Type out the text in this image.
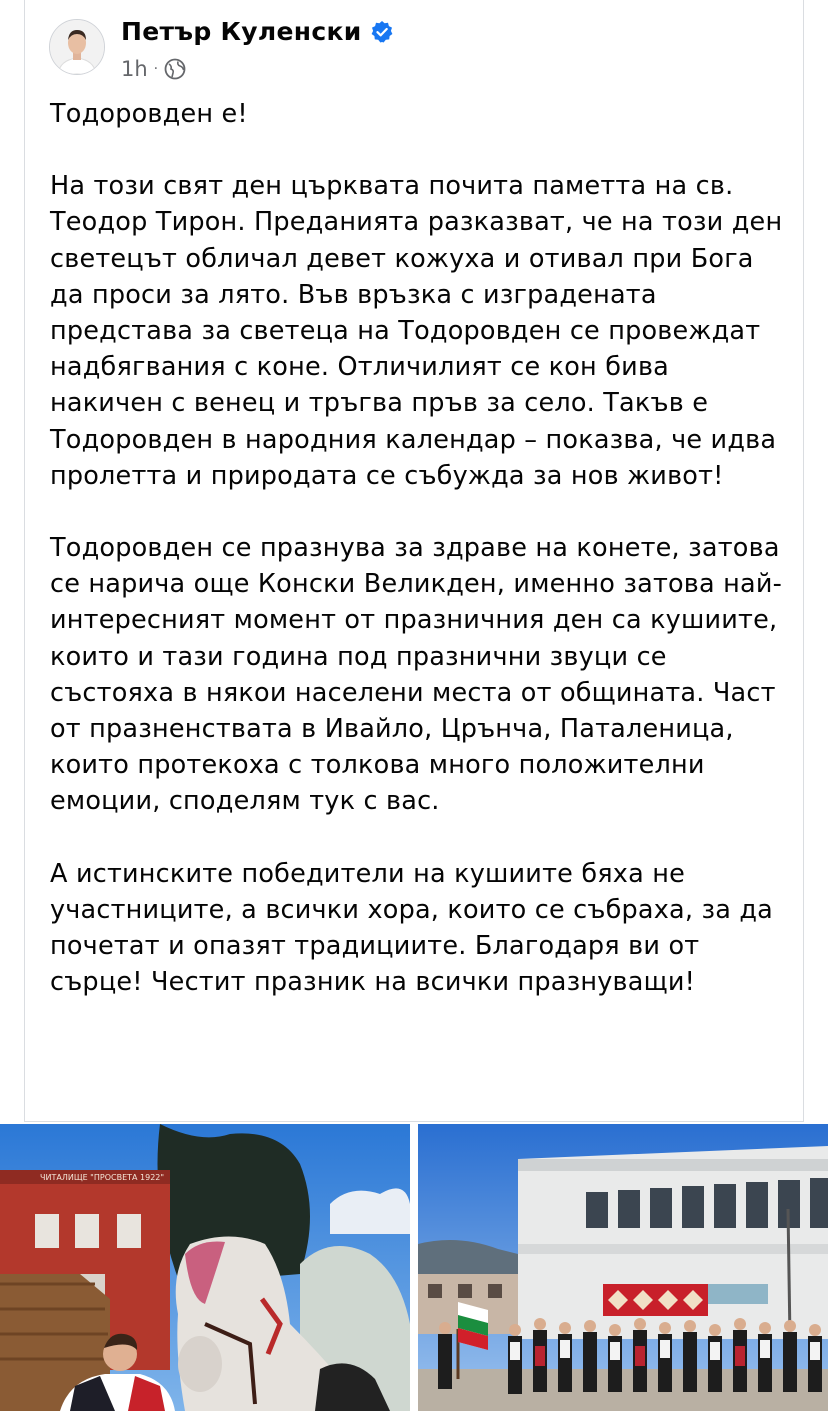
Петър Куленски
1h ·

Тодоровден е!

На този свят ден църквата почита паметта на св. Теодор Тирон. Преданията разказват, че на този ден светецът обличал девет кожуха и отивал при Бога да проси за лято. Във връзка с изградената представа за светеца на Тодоровден се провеждат надбягвания с коне. Отличилият се кон бива накичен с венец и тръгва пръв за село. Такъв е Тодоровден в народния календар – показва, че идва пролетта и природата се събужда за нов живот!

Тодоровден се празнува за здраве на конете, затова се нарича още Конски Великден, именно затова най-интересният момент от празничния ден са кушиите, които и тази година под празнични звуци се състояха в някои населени места от общината. Част от празненствата в Ивайло, Црънча, Паталеница, които протекоха с толкова много положителни емоции, споделям тук с вас.

А истинските победители на кушиите бяха не участниците, а всички хора, които се събраха, за да почетат и опазят традициите. Благодаря ви от сърце! Честит празник на всички празнуващи!

ЧИТАЛИЩЕ "ПРОСВЕТА 1922"
